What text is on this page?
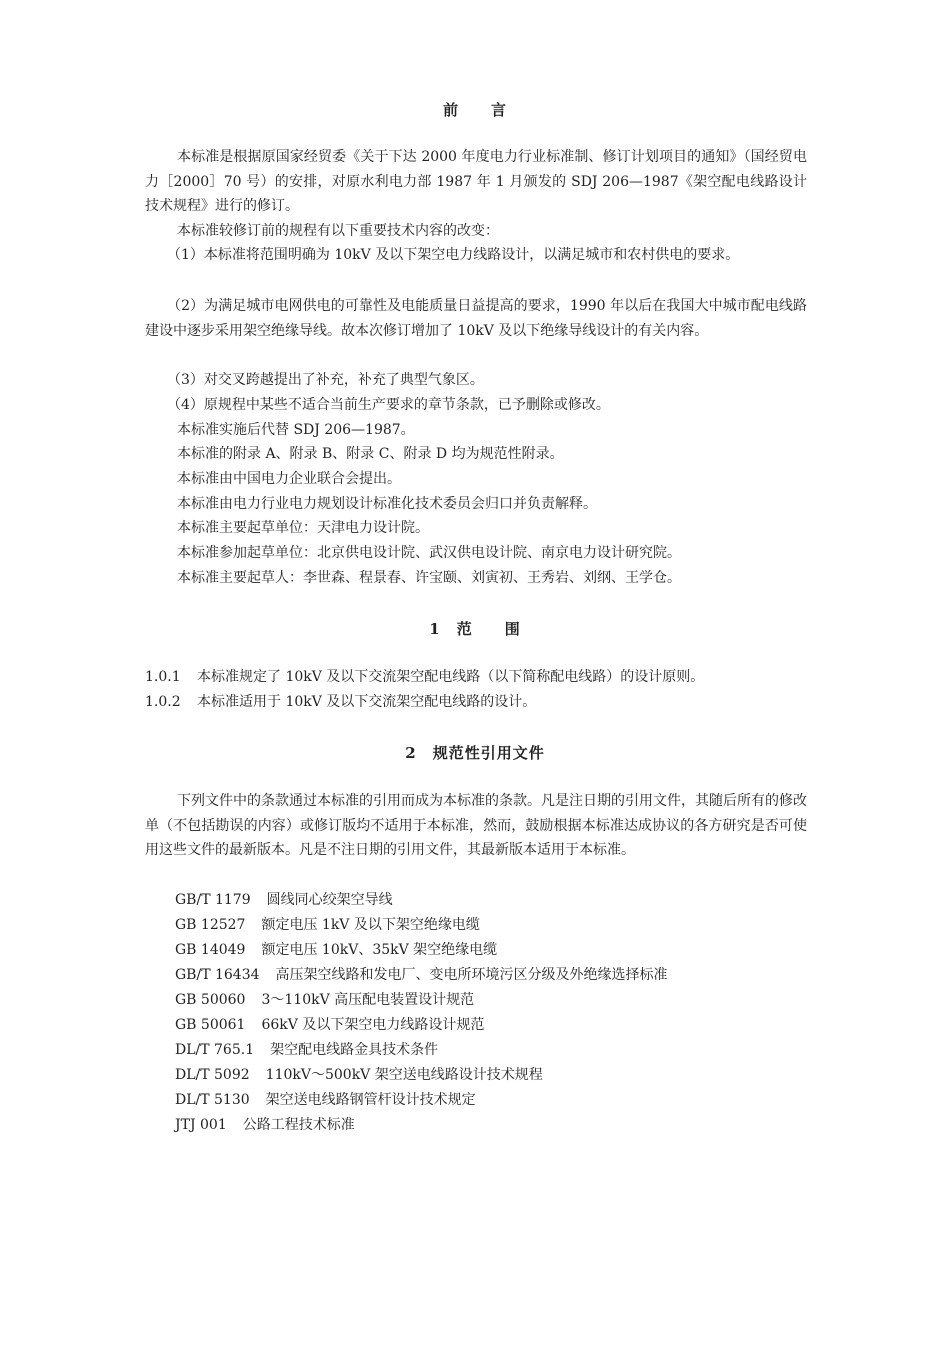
前　　言

本标准是根据原国家经贸委《关于下达 2000 年度电力行业标准制、修订计划项目的通知》（国经贸电力［2000］70 号）的安排，对原水利电力部 1987 年 1 月颁发的 SDJ 206—1987《架空配电线路设计技术规程》进行的修订。

本标准较修订前的规程有以下重要技术内容的改变：

（1）本标准将范围明确为 10kV 及以下架空电力线路设计，以满足城市和农村供电的要求。

（2）为满足城市电网供电的可靠性及电能质量日益提高的要求，1990 年以后在我国大中城市配电线路建设中逐步采用架空绝缘导线。故本次修订增加了 10kV 及以下绝缘导线设计的有关内容。

（3）对交叉跨越提出了补充，补充了典型气象区。
（4）原规程中某些不适合当前生产要求的章节条款，已予删除或修改。
本标准实施后代替 SDJ 206—1987。
本标准的附录 A、附录 B、附录 C、附录 D 均为规范性附录。
本标准由中国电力企业联合会提出。
本标准由电力行业电力规划设计标准化技术委员会归口并负责解释。
本标准主要起草单位：天津电力设计院。
本标准参加起草单位：北京供电设计院、武汉供电设计院、南京电力设计研究院。
本标准主要起草人：李世森、程景春、许宝颐、刘寅初、王秀岩、刘纲、王学仓。
1　范　　围
1.0.1 本标准规定了 10kV 及以下交流架空配电线路（以下简称配电线路）的设计原则。
1.0.2 本标准适用于 10kV 及以下交流架空配电线路的设计。
2　规范性引用文件

下列文件中的条款通过本标准的引用而成为本标准的条款。凡是注日期的引用文件，其随后所有的修改单（不包括勘误的内容）或修订版均不适用于本标准，然而，鼓励根据本标准达成协议的各方研究是否可使用这些文件的最新版本。凡是不注日期的引用文件，其最新版本适用于本标准。

GB/T 1179 圆线同心绞架空导线
GB 12527 额定电压 1kV 及以下架空绝缘电缆
GB 14049 额定电压 10kV、35kV 架空绝缘电缆
GB/T 16434 高压架空线路和发电厂、变电所环境污区分级及外绝缘选择标准
GB 50060 3～110kV 高压配电装置设计规范
GB 50061 66kV 及以下架空电力线路设计规范
DL/T 765.1 架空配电线路金具技术条件
DL/T 5092 110kV～500kV 架空送电线路设计技术规程
DL/T 5130 架空送电线路钢管杆设计技术规定
JTJ 001 公路工程技术标准
